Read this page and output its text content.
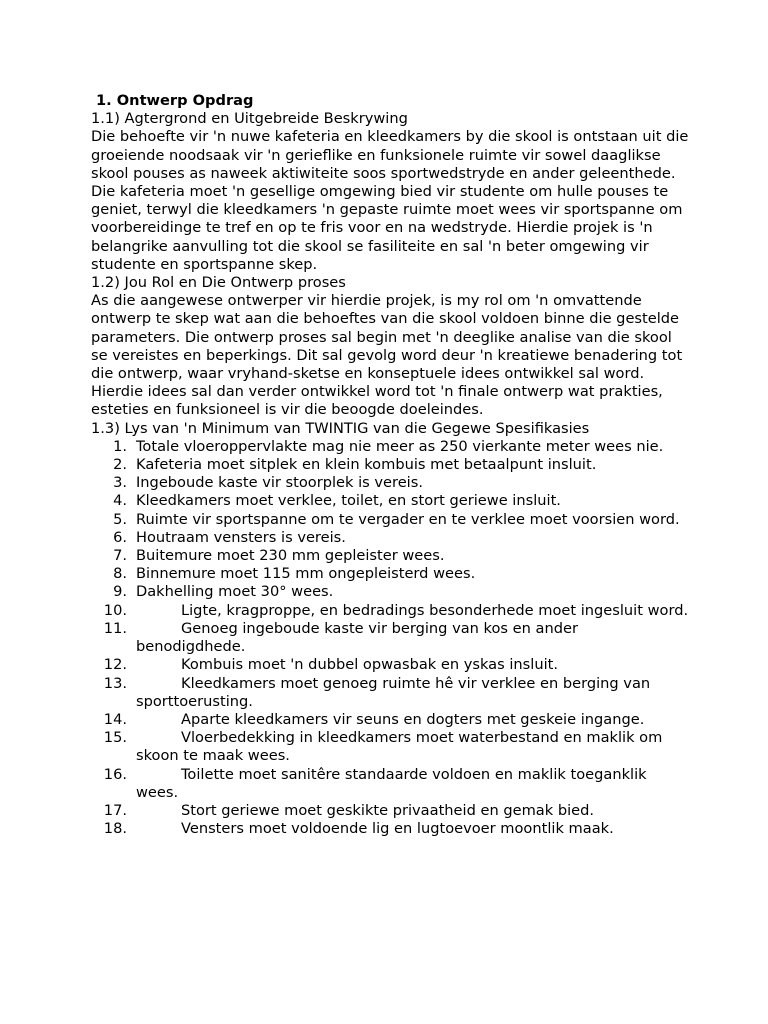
1. Ontwerp Opdrag
1.1) Agtergrond en Uitgebreide Beskrywing

Die behoefte vir 'n nuwe kafeteria en kleedkamers by die skool is ontstaan uit die groeiende noodsaak vir 'n gerieflike en funksionele ruimte vir sowel daaglikse skool pouses as naweek aktiwiteite soos sportwedstryde en ander geleenthede. Die kafeteria moet 'n gesellige omgewing bied vir studente om hulle pouses te geniet, terwyl die kleedkamers 'n gepaste ruimte moet wees vir sportspanne om voorbereidinge te tref en op te fris voor en na wedstryde. Hierdie projek is 'n belangrike aanvulling tot die skool se fasiliteite en sal 'n beter omgewing vir studente en sportspanne skep.

1.2) Jou Rol en Die Ontwerp proses

As die aangewese ontwerper vir hierdie projek, is my rol om 'n omvattende ontwerp te skep wat aan die behoeftes van die skool voldoen binne die gestelde parameters. Die ontwerp proses sal begin met 'n deeglike analise van die skool se vereistes en beperkings. Dit sal gevolg word deur 'n kreatiewe benadering tot die ontwerp, waar vryhand-sketse en konseptuele idees ontwikkel sal word. Hierdie idees sal dan verder ontwikkel word tot 'n finale ontwerp wat prakties, esteties en funksioneel is vir die beoogde doeleindes.

1.3) Lys van 'n Minimum van TWINTIG van die Gegewe Spesifikasies
1. Totale vloeroppervlakte mag nie meer as 250 vierkante meter wees nie.
2. Kafeteria moet sitplek en klein kombuis met betaalpunt insluit.
3. Ingeboude kaste vir stoorplek is vereis.
4. Kleedkamers moet verklee, toilet, en stort geriewe insluit.
5. Ruimte vir sportspanne om te vergader en te verklee moet voorsien word.
6. Houtraam vensters is vereis.
7. Buitemure moet 230 mm gepleister wees.
8. Binnemure moet 115 mm ongepleisterd wees.
9. Dakhelling moet 30° wees.
10.	Ligte, kragproppe, en bedradings besonderhede moet ingesluit word.
11.	Genoeg ingeboude kaste vir berging van kos en ander benodigdhede.
12.	Kombuis moet 'n dubbel opwasbak en yskas insluit.
13.	Kleedkamers moet genoeg ruimte hê vir verklee en berging van sporttoerusting.
14.	Aparte kleedkamers vir seuns en dogters met geskeie ingange.
15.	Vloerbedekking in kleedkamers moet waterbestand en maklik om skoon te maak wees.
16.	Toilette moet sanitêre standaarde voldoen en maklik toeganklik wees.
17.	Stort geriewe moet geskikte privaatheid en gemak bied.
18.	Vensters moet voldoende lig en lugtoevoer moontlik maak.
